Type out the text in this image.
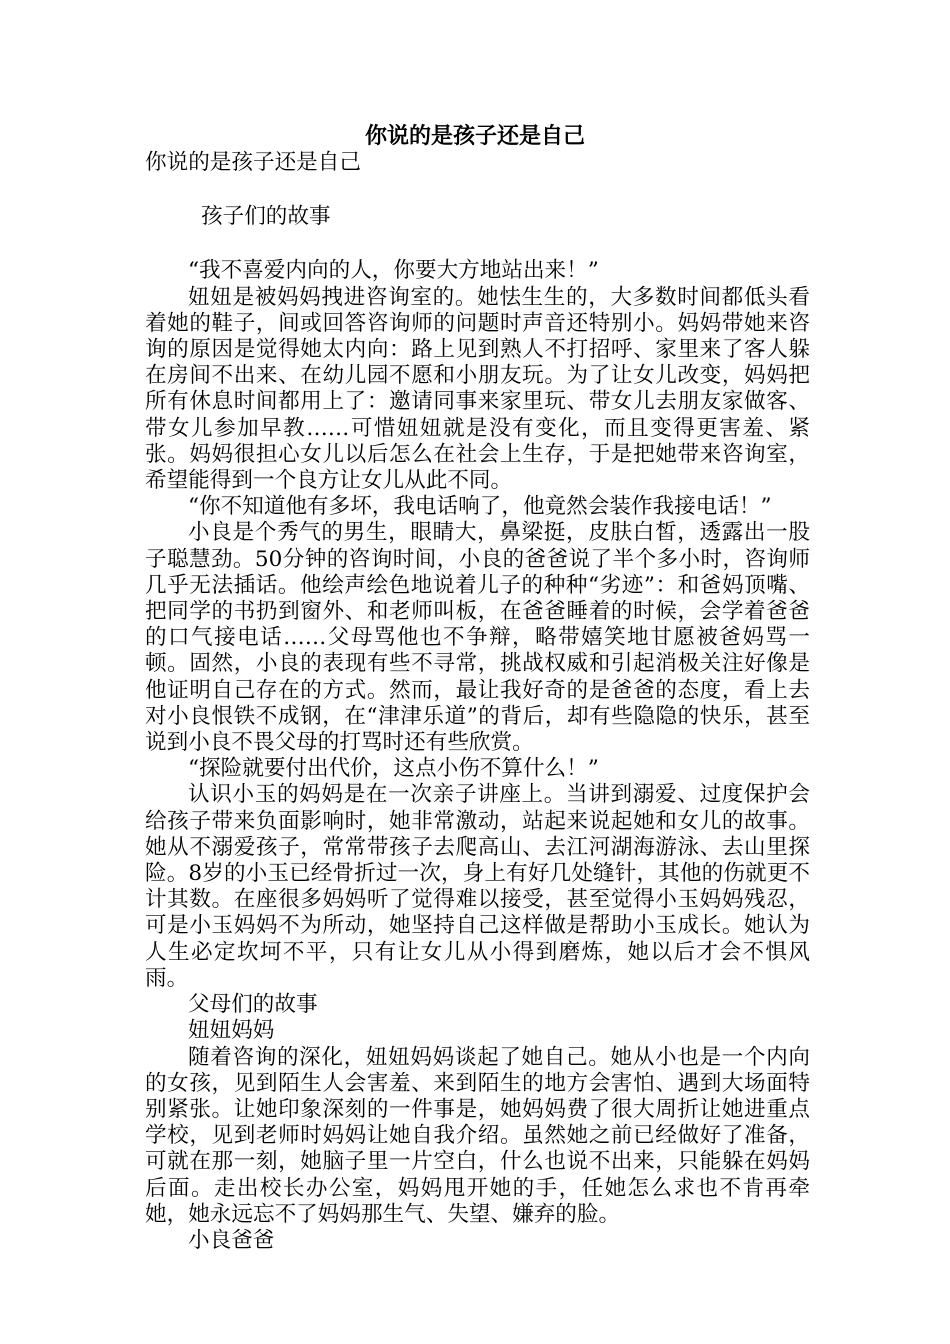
你说的是孩子还是自己

你说的是孩子还是自己

孩子们的故事

“我不喜爱内向的人，你要大方地站出来！”

妞妞是被妈妈拽进咨询室的。她怯生生的，大多数时间都低头看着她的鞋子，间或回答咨询师的问题时声音还特别小。妈妈带她来咨询的原因是觉得她太内向：路上见到熟人不打招呼、家里来了客人躲在房间不出来、在幼儿园不愿和小朋友玩。为了让女儿改变，妈妈把所有休息时间都用上了：邀请同事来家里玩、带女儿去朋友家做客、带女儿参加早教……可惜妞妞就是没有变化，而且变得更害羞、紧张。妈妈很担心女儿以后怎么在社会上生存，于是把她带来咨询室，希望能得到一个良方让女儿从此不同。

“你不知道他有多坏，我电话响了，他竟然会装作我接电话！”

小良是个秀气的男生，眼睛大，鼻梁挺，皮肤白皙，透露出一股子聪慧劲。50分钟的咨询时间，小良的爸爸说了半个多小时，咨询师几乎无法插话。他绘声绘色地说着儿子的种种“劣迹”：和爸妈顶嘴、把同学的书扔到窗外、和老师叫板，在爸爸睡着的时候，会学着爸爸的口气接电话……父母骂他也不争辩，略带嬉笑地甘愿被爸妈骂一顿。固然，小良的表现有些不寻常，挑战权威和引起消极关注好像是他证明自己存在的方式。然而，最让我好奇的是爸爸的态度，看上去对小良恨铁不成钢，在“津津乐道”的背后，却有些隐隐的快乐，甚至说到小良不畏父母的打骂时还有些欣赏。

“探险就要付出代价，这点小伤不算什么！”

认识小玉的妈妈是在一次亲子讲座上。当讲到溺爱、过度保护会给孩子带来负面影响时，她非常激动，站起来说起她和女儿的故事。她从不溺爱孩子，常常带孩子去爬高山、去江河湖海游泳、去山里探险。8岁的小玉已经骨折过一次，身上有好几处缝针，其他的伤就更不计其数。在座很多妈妈听了觉得难以接受，甚至觉得小玉妈妈残忍，可是小玉妈妈不为所动，她坚持自己这样做是帮助小玉成长。她认为人生必定坎坷不平，只有让女儿从小得到磨炼，她以后才会不惧风雨。

父母们的故事

妞妞妈妈

随着咨询的深化，妞妞妈妈谈起了她自己。她从小也是一个内向的女孩，见到陌生人会害羞、来到陌生的地方会害怕、遇到大场面特别紧张。让她印象深刻的一件事是，她妈妈费了很大周折让她进重点学校，见到老师时妈妈让她自我介绍。虽然她之前已经做好了准备，可就在那一刻，她脑子里一片空白，什么也说不出来，只能躲在妈妈后面。走出校长办公室，妈妈甩开她的手，任她怎么求也不肯再牵她，她永远忘不了妈妈那生气、失望、嫌弃的脸。

小良爸爸
